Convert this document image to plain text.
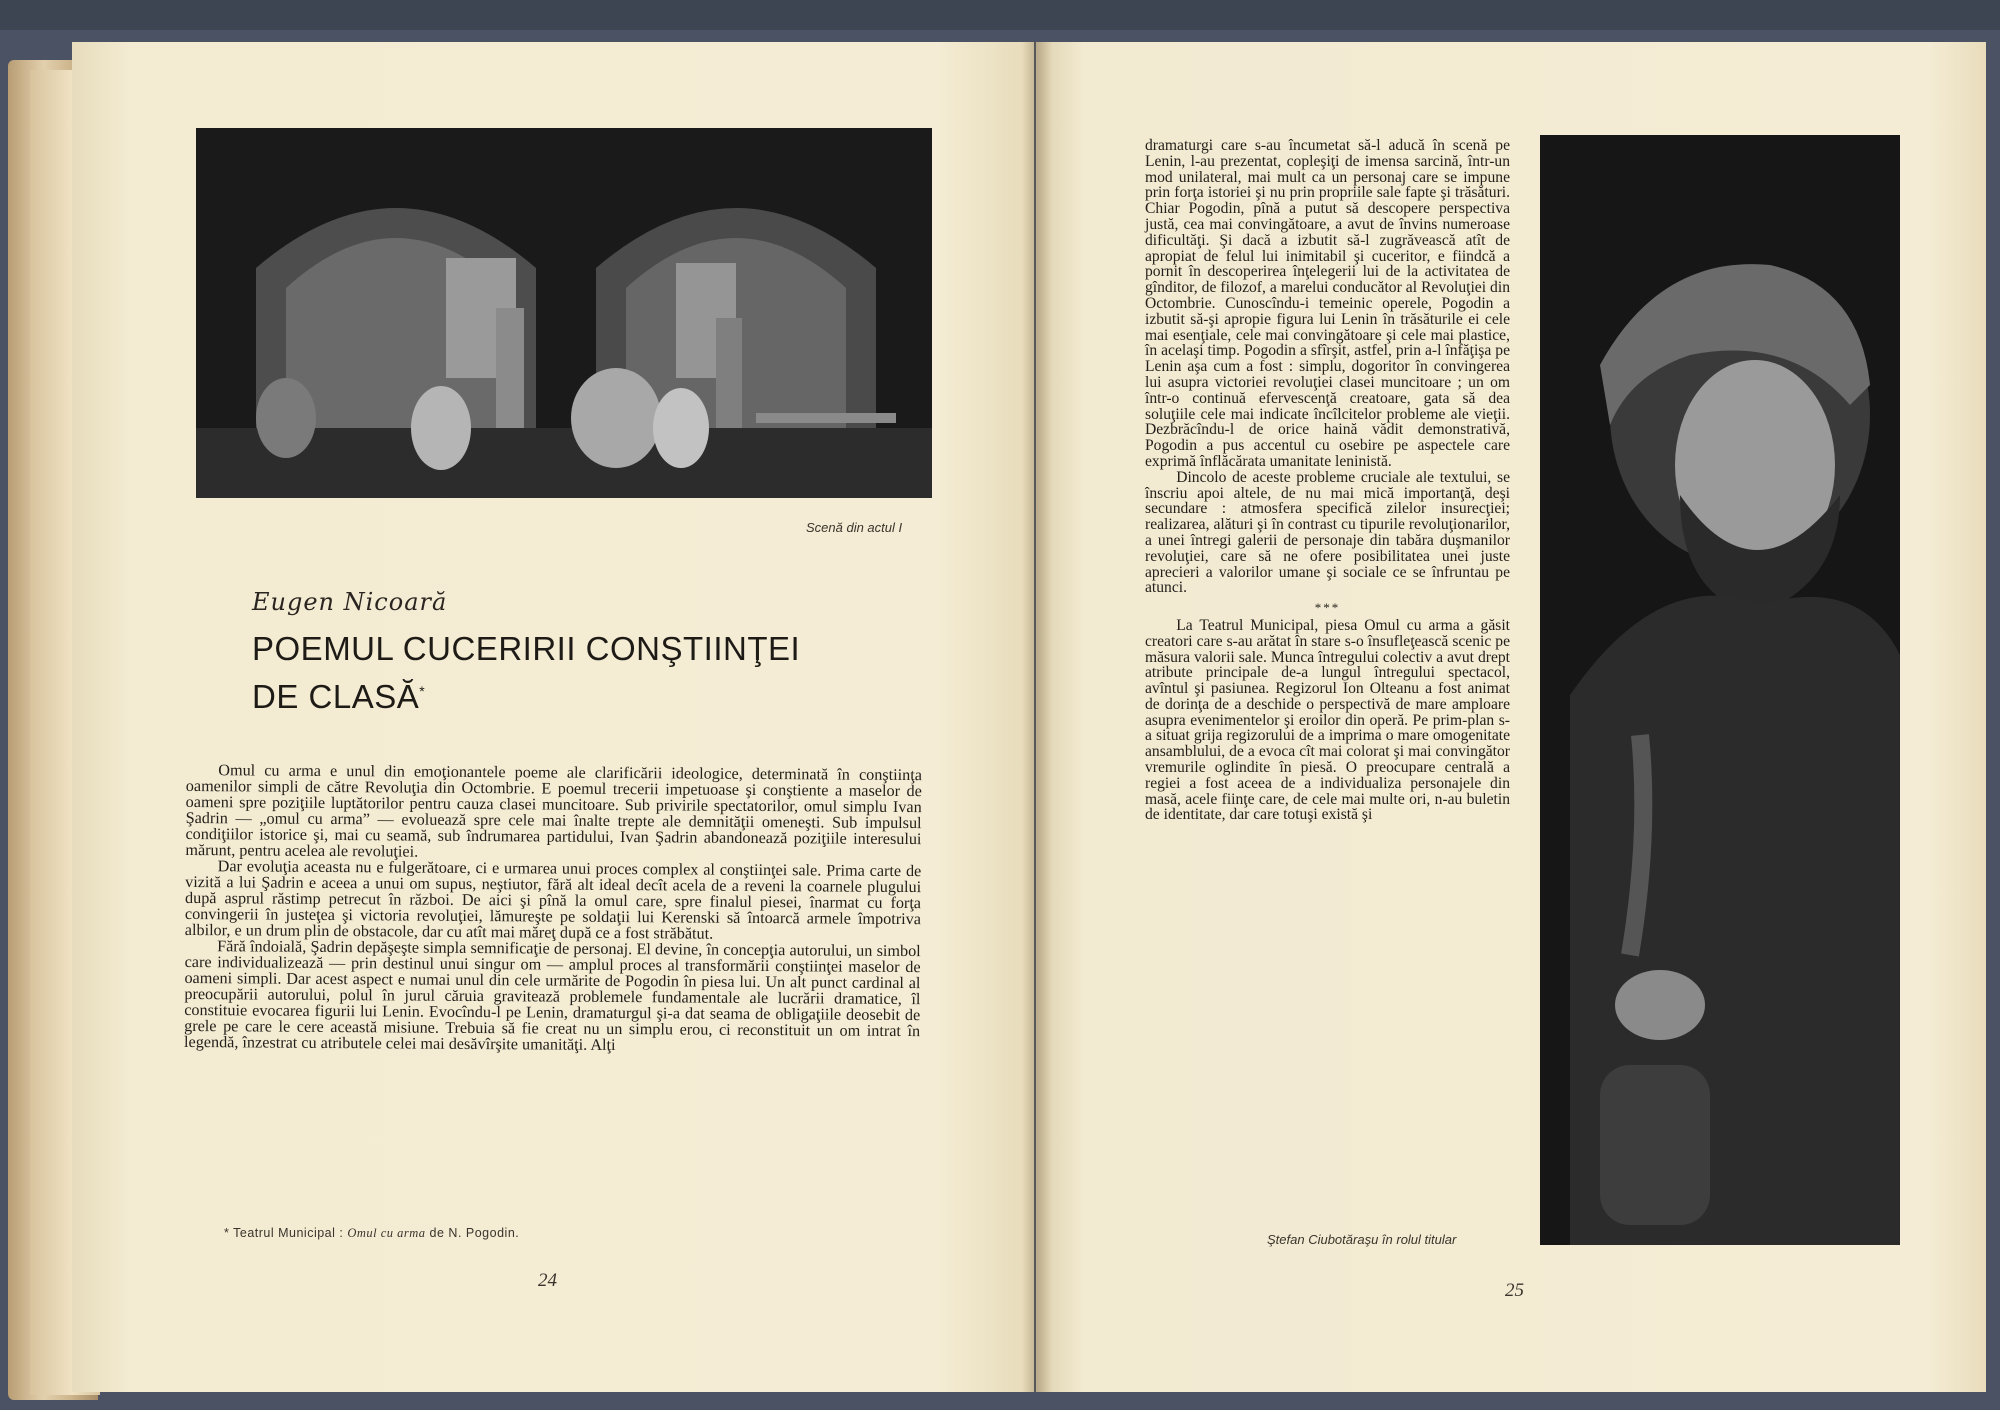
Scenă din actul I
Eugen Nicoară
POEMUL CUCERIRII CONŞTIINŢEI
DE CLASĂ*

Omul cu arma e unul din emoţionantele poeme ale clarificării ideologice, determinată în conştiinţa oamenilor simpli de către Revoluţia din Octombrie. E poemul trecerii impetuoase şi conştiente a maselor de oameni spre poziţiile luptătorilor pentru cauza clasei muncitoare. Sub privirile spectatorilor, omul simplu Ivan Şadrin — „omul cu arma” — evoluează spre cele mai înalte trepte ale demnităţii omeneşti. Sub impulsul condiţiilor istorice şi, mai cu seamă, sub îndrumarea partidului, Ivan Şadrin abandonează poziţiile interesului mărunt, pentru acelea ale revoluţiei.

Dar evoluţia aceasta nu e fulgerătoare, ci e urmarea unui proces complex al conştiinţei sale. Prima carte de vizită a lui Şadrin e aceea a unui om supus, neştiutor, fără alt ideal decît acela de a reveni la coarnele plugului după asprul răstimp petrecut în război. De aici şi pînă la omul care, spre finalul piesei, înarmat cu forţa convingerii în justeţea şi victoria revoluţiei, lămureşte pe soldaţii lui Kerenski să întoarcă armele împotriva albilor, e un drum plin de obstacole, dar cu atît mai măreţ după ce a fost străbătut.

Fără îndoială, Şadrin depăşeşte simpla semnificaţie de personaj. El devine, în concepţia autorului, un simbol care individualizează — prin destinul unui singur om — amplul proces al transformării conştiinţei maselor de oameni simpli. Dar acest aspect e numai unul din cele urmărite de Pogodin în piesa lui. Un alt punct cardinal al preocupării autorului, polul în jurul căruia gravitează problemele fundamentale ale lucrării dramatice, îl constituie evocarea figurii lui Lenin. Evocîndu-l pe Lenin, dramaturgul şi-a dat seama de obligaţiile deosebit de grele pe care le cere această misiune. Trebuia să fie creat nu un simplu erou, ci reconstituit un om intrat în legendă, înzestrat cu atributele celei mai desăvîrşite umanităţi. Alţi

* Teatrul Municipal : Omul cu arma de N. Pogodin.
24

dramaturgi care s-au încumetat să-l aducă în scenă pe Lenin, l-au prezentat, copleşiţi de imensa sarcină, într-un mod unilateral, mai mult ca un personaj care se impune prin forţa istoriei şi nu prin propriile sale fapte şi trăsături. Chiar Pogodin, pînă a putut să descopere perspectiva justă, cea mai convingătoare, a avut de învins numeroase dificultăţi. Şi dacă a izbutit să-l zugrăvească atît de apropiat de felul lui inimitabil şi cuceritor, e fiindcă a pornit în descoperirea înţelegerii lui de la activitatea de gînditor, de filozof, a marelui conducător al Revoluţiei din Octombrie. Cunoscîndu-i temeinic operele, Pogodin a izbutit să-şi apropie figura lui Lenin în trăsăturile ei cele mai esenţiale, cele mai convingătoare şi cele mai plastice, în acelaşi timp. Pogodin a sfîrşit, astfel, prin a-l înfăţişa pe Lenin aşa cum a fost : simplu, dogoritor în convingerea lui asupra victoriei revoluţiei clasei muncitoare ; un om într-o continuă efervescenţă creatoare, gata să dea soluţiile cele mai indicate încîlcitelor probleme ale vieţii. Dezbrăcîndu-l de orice haină vădit demonstrativă, Pogodin a pus accentul cu osebire pe aspectele care exprimă înflăcărata umanitate leninistă.

Dincolo de aceste probleme cruciale ale textului, se înscriu apoi altele, de nu mai mică importanţă, deşi secundare : atmosfera specifică zilelor insurecţiei; realizarea, alături şi în contrast cu tipurile revoluţionarilor, a unei întregi galerii de personaje din tabăra duşmanilor revoluţiei, care să ne ofere posibilitatea unei juste aprecieri a valorilor umane şi sociale ce se înfruntau pe atunci.

***

La Teatrul Municipal, piesa Omul cu arma a găsit creatori care s-au arătat în stare s-o însufleţească scenic pe măsura valorii sale. Munca întregului colectiv a avut drept atribute principale de-a lungul întregului spectacol, avîntul şi pasiunea. Regizorul Ion Olteanu a fost animat de dorinţa de a deschide o perspectivă de mare amploare asupra evenimentelor şi eroilor din operă. Pe prim-plan s-a situat grija regizorului de a imprima o mare omogenitate ansamblului, de a evoca cît mai colorat şi mai convingător vremurile oglindite în piesă. O preocupare centrală a regiei a fost aceea de a individualiza personajele din masă, acele fiinţe care, de cele mai multe ori, n-au buletin de identitate, dar care totuşi există şi

Ştefan Ciubotăraşu în rolul titular
25
